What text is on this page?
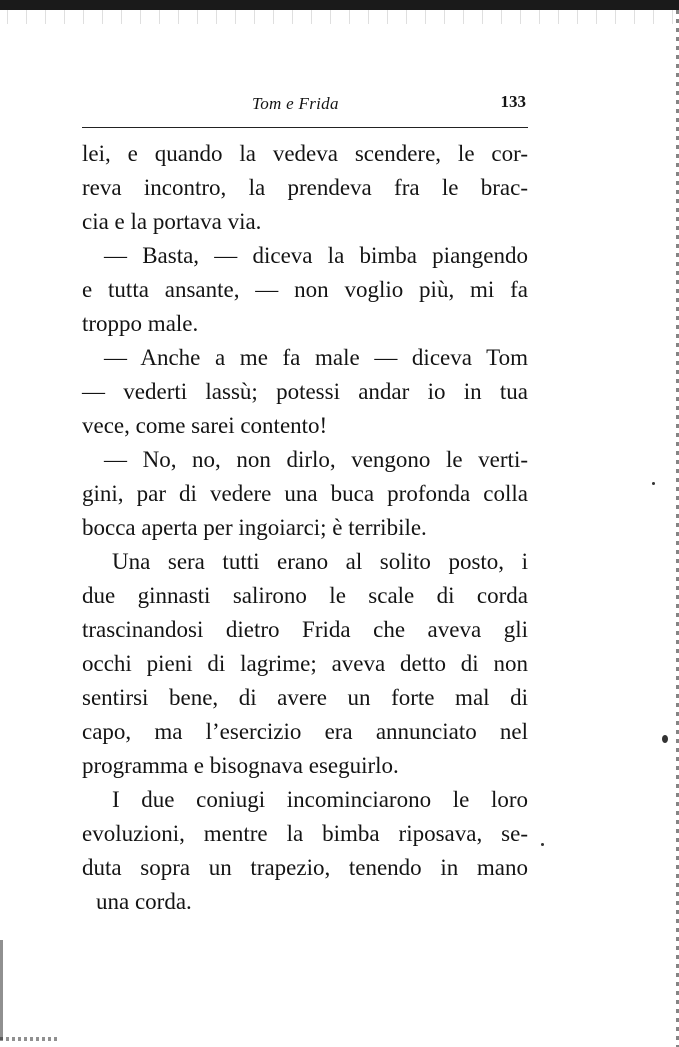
Tom e Frida	133
lei, e quando la vedeva scendere, le cor-
reva incontro, la prendeva fra le brac-
cia e la portava via.
— Basta, — diceva la bimba piangendo
e tutta ansante, — non voglio più, mi fa
troppo male.
— Anche a me fa male — diceva Tom
— vederti lassù; potessi andar io in tua
vece, come sarei contento!
— No, no, non dirlo, vengono le verti-
gini, par di vedere una buca profonda colla
bocca aperta per ingoiarci; è terribile.
Una sera tutti erano al solito posto, i
due ginnasti salirono le scale di corda
trascinandosi dietro Frida che aveva gli
occhi pieni di lagrime; aveva detto di non
sentirsi bene, di avere un forte mal di
capo, ma l’esercizio era annunciato nel
programma e bisognava eseguirlo.
I due coniugi incominciarono le loro
evoluzioni, mentre la bimba riposava, se-
duta sopra un trapezio, tenendo in mano
una corda.
